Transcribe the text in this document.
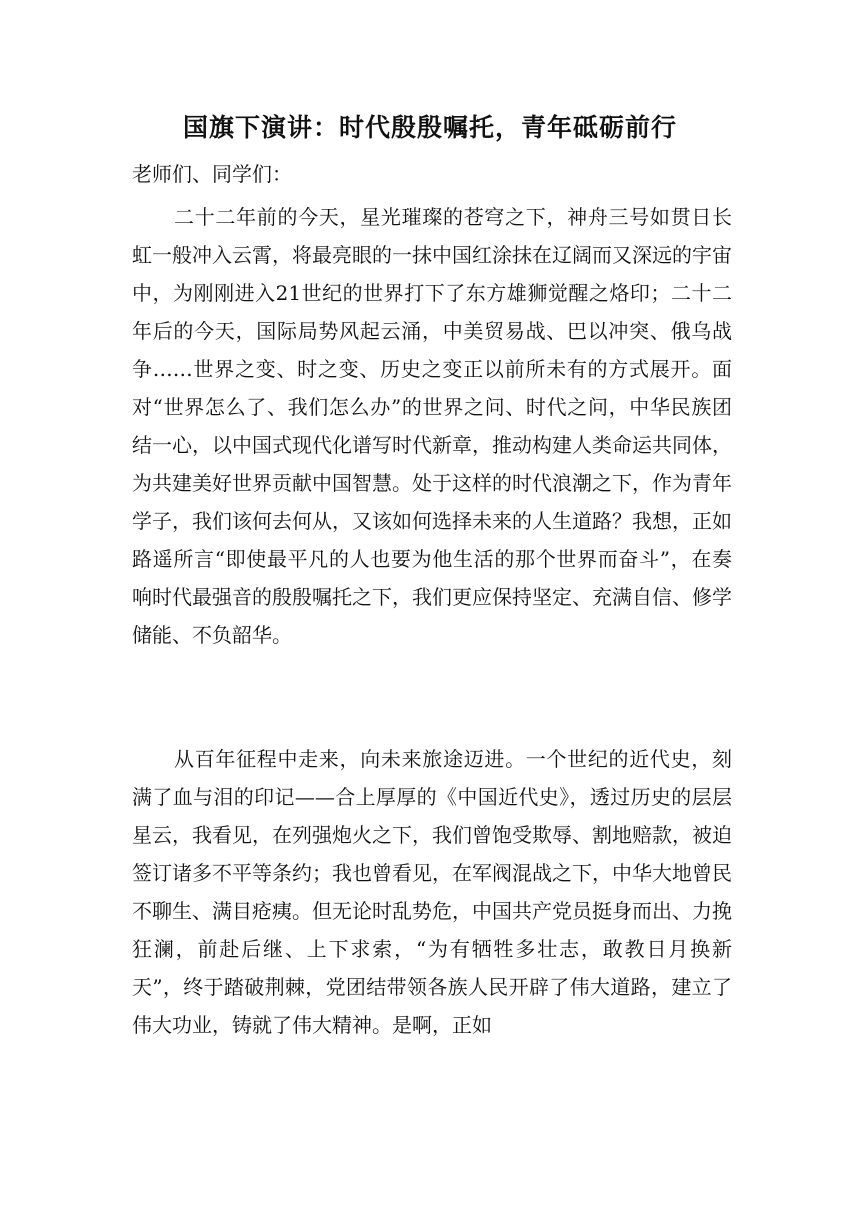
国旗下演讲：时代殷殷嘱托，青年砥砺前行

老师们、同学们：

二十二年前的今天，星光璀璨的苍穹之下，神舟三号如贯日长虹一般冲入云霄，将最亮眼的一抹中国红涂抹在辽阔而又深远的宇宙中，为刚刚进入21世纪的世界打下了东方雄狮觉醒之烙印；二十二年后的今天，国际局势风起云涌，中美贸易战、巴以冲突、俄乌战争……世界之变、时之变、历史之变正以前所未有的方式展开。面对“世界怎么了、我们怎么办”的世界之问、时代之问，中华民族团结一心，以中国式现代化谱写时代新章，推动构建人类命运共同体，为共建美好世界贡献中国智慧。处于这样的时代浪潮之下，作为青年学子，我们该何去何从，又该如何选择未来的人生道路？我想，正如路遥所言“即使最平凡的人也要为他生活的那个世界而奋斗”，在奏响时代最强音的殷殷嘱托之下，我们更应保持坚定、充满自信、修学储能、不负韶华。

从百年征程中走来，向未来旅途迈进。一个世纪的近代史，刻满了血与泪的印记——合上厚厚的《中国近代史》，透过历史的层层星云，我看见，在列强炮火之下，我们曾饱受欺辱、割地赔款，被迫签订诸多不平等条约；我也曾看见，在军阀混战之下，中华大地曾民不聊生、满目疮痍。但无论时乱势危，中国共产党员挺身而出、力挽狂澜，前赴后继、上下求索，“为有牺牲多壮志，敢教日月换新天”，终于踏破荆棘，党团结带领各族人民开辟了伟大道路，建立了伟大功业，铸就了伟大精神。是啊，正如
